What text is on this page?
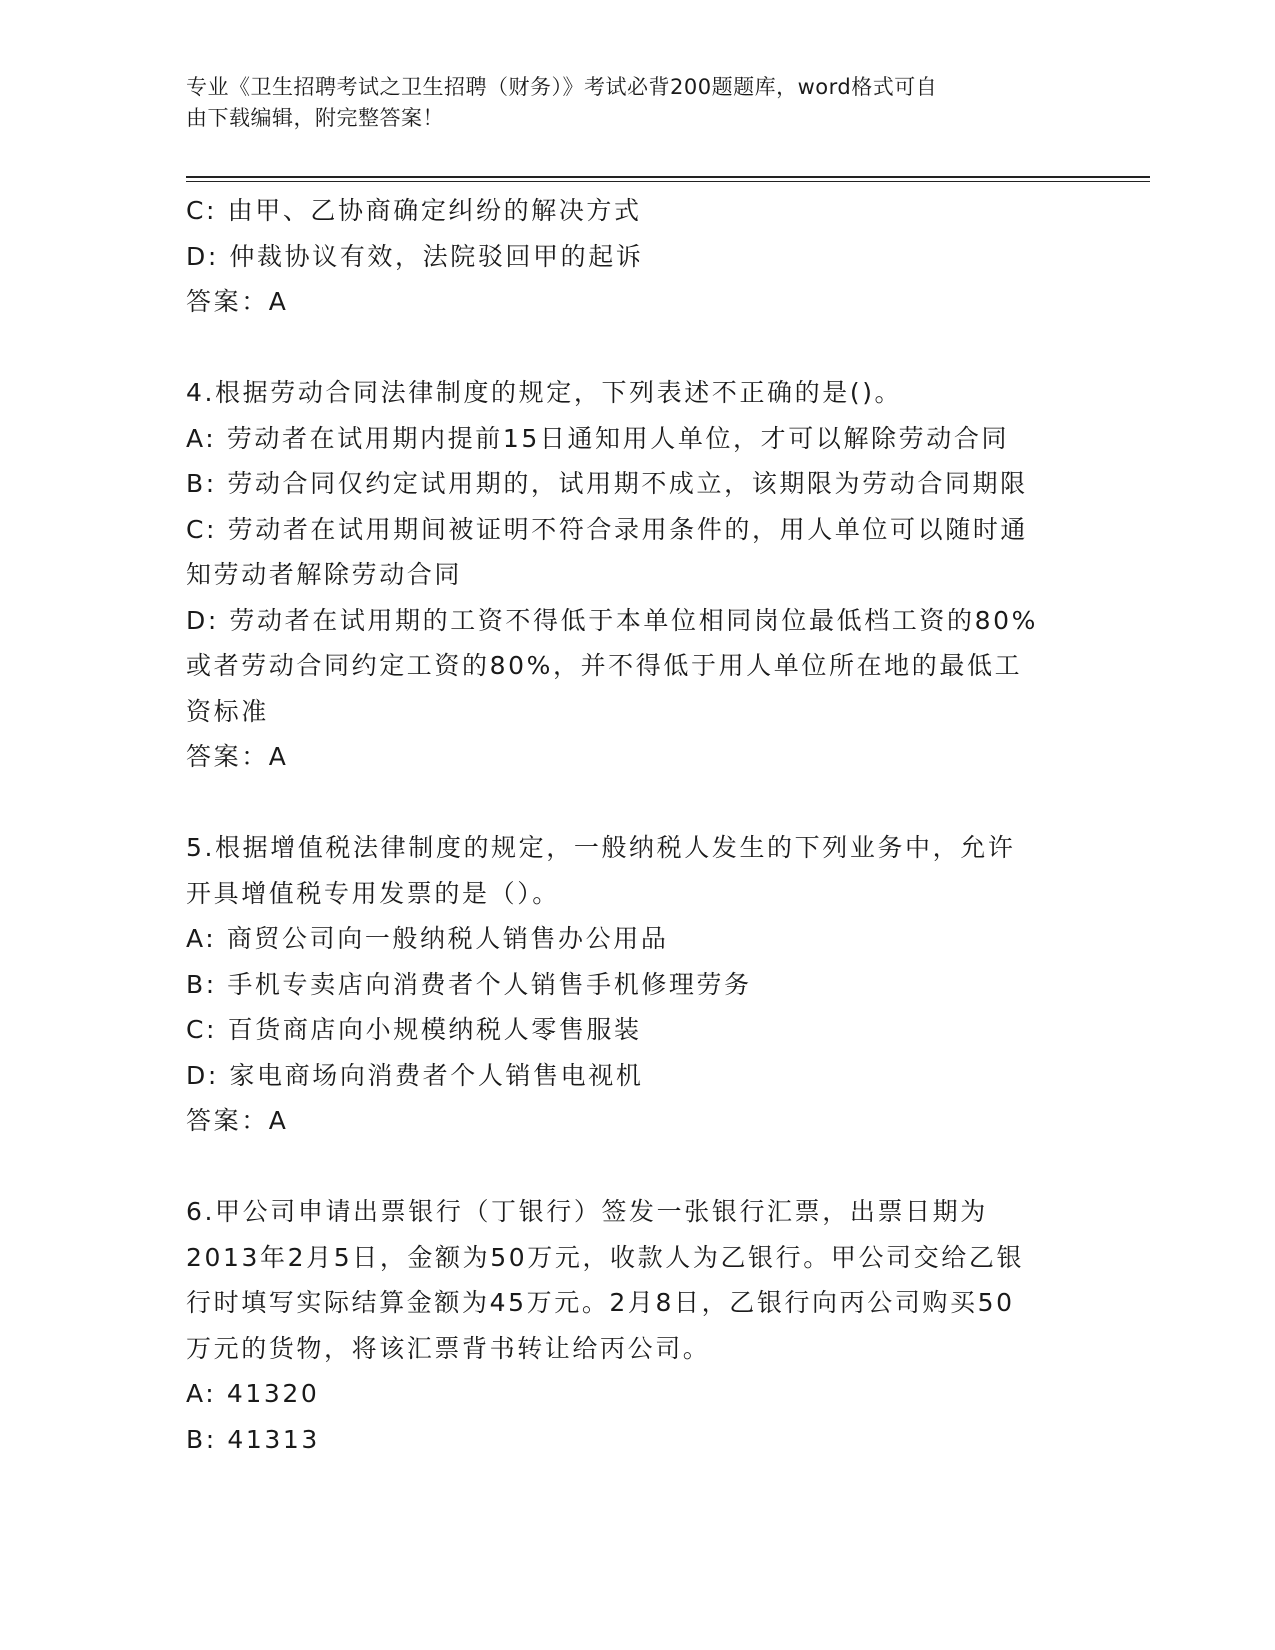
专业《卫生招聘考试之卫生招聘（财务）》考试必背200题题库，word格式可自
由下载编辑，附完整答案！
C: 由甲、乙协商确定纠纷的解决方式
D: 仲裁协议有效，法院驳回甲的起诉
答案：A
4.根据劳动合同法律制度的规定，下列表述不正确的是()。
A: 劳动者在试用期内提前15日通知用人单位，才可以解除劳动合同
B: 劳动合同仅约定试用期的，试用期不成立，该期限为劳动合同期限
C: 劳动者在试用期间被证明不符合录用条件的，用人单位可以随时通
知劳动者解除劳动合同
D: 劳动者在试用期的工资不得低于本单位相同岗位最低档工资的80%
或者劳动合同约定工资的80%，并不得低于用人单位所在地的最低工
资标准
答案：A
5.根据增值税法律制度的规定，一般纳税人发生的下列业务中，允许
开具增值税专用发票的是（）。
A: 商贸公司向一般纳税人销售办公用品
B: 手机专卖店向消费者个人销售手机修理劳务
C: 百货商店向小规模纳税人零售服装
D: 家电商场向消费者个人销售电视机
答案：A
6.甲公司申请出票银行（丁银行）签发一张银行汇票，出票日期为
2013年2月5日，金额为50万元，收款人为乙银行。甲公司交给乙银
行时填写实际结算金额为45万元。2月8日，乙银行向丙公司购买50
万元的货物，将该汇票背书转让给丙公司。
A: 41320
B: 41313
